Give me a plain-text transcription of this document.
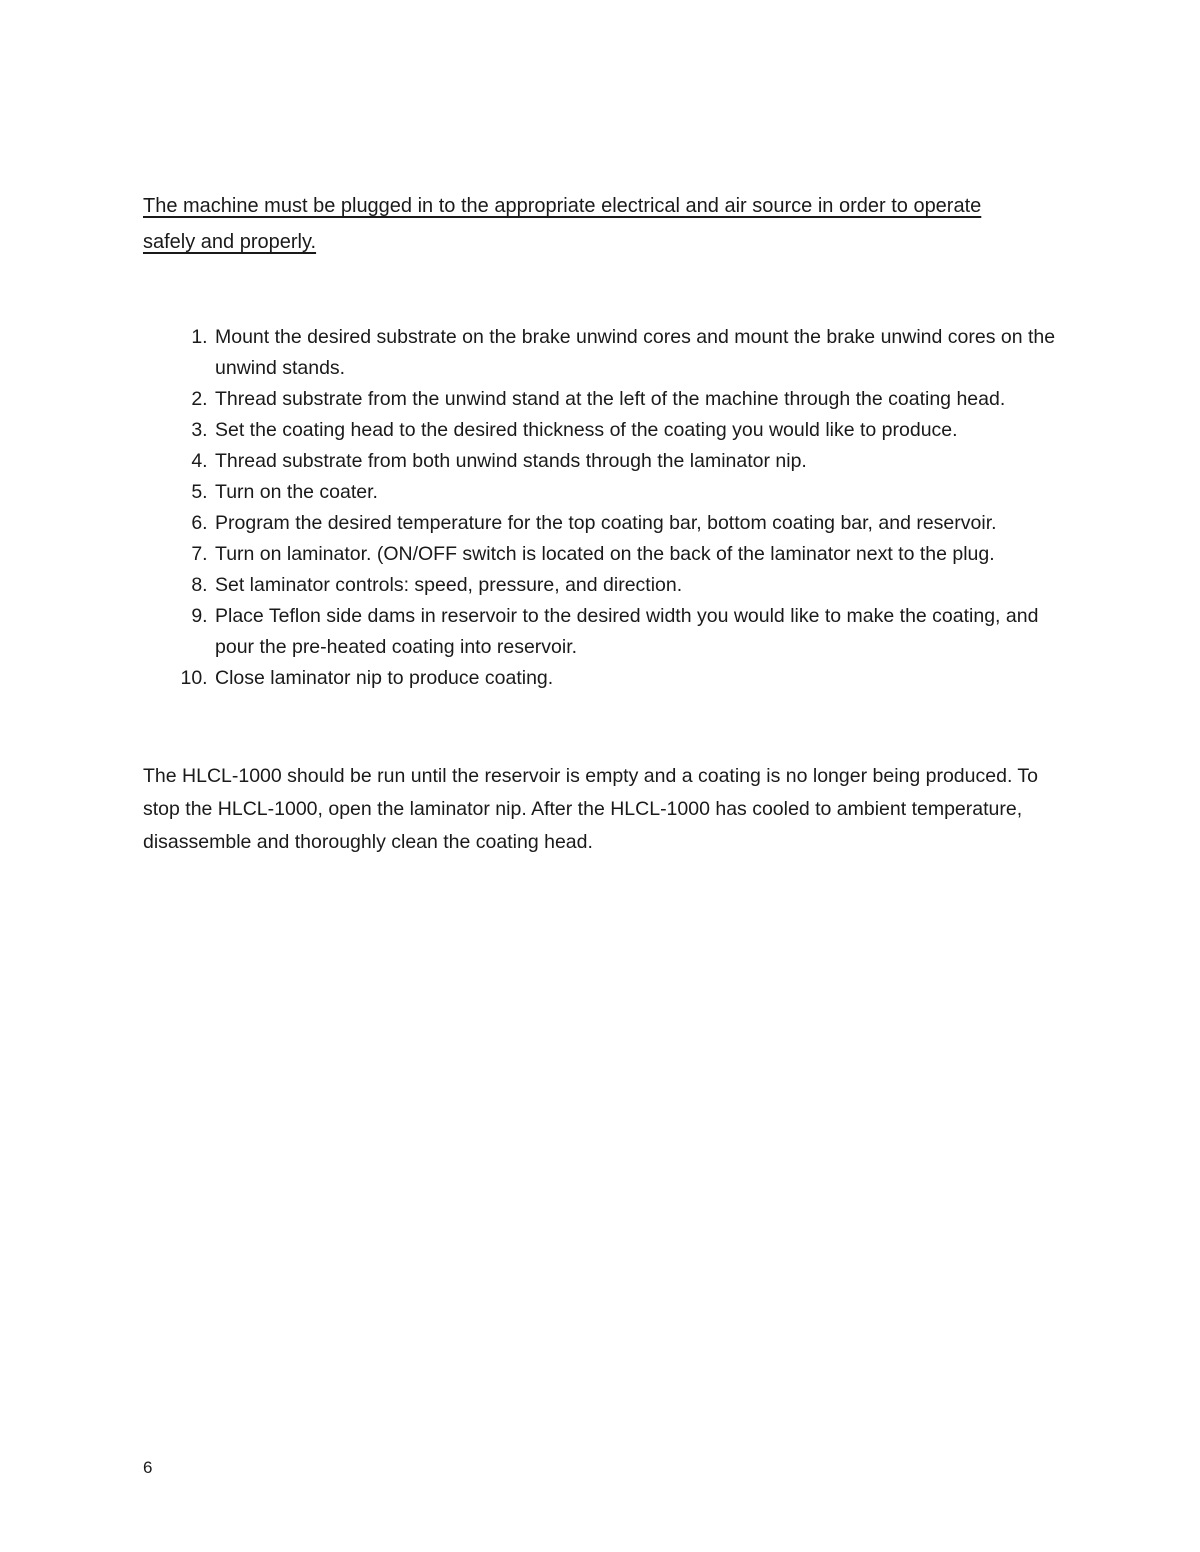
The machine must be plugged in to the appropriate electrical and air source in order to operate safely and properly.

1. Mount the desired substrate on the brake unwind cores and mount the brake unwind cores on the unwind stands.
2. Thread substrate from the unwind stand at the left of the machine through the coating head.
3. Set the coating head to the desired thickness of the coating you would like to produce.
4. Thread substrate from both unwind stands through the laminator nip.
5. Turn on the coater.
6. Program the desired temperature for the top coating bar, bottom coating bar, and reservoir.
7. Turn on laminator. (ON/OFF switch is located on the back of the laminator next to the plug.
8. Set laminator controls: speed, pressure, and direction.
9. Place Teflon side dams in reservoir to the desired width you would like to make the coating, and pour the pre-heated coating into reservoir.
10. Close laminator nip to produce coating.

The HLCL-1000 should be run until the reservoir is empty and a coating is no longer being produced. To stop the HLCL-1000, open the laminator nip. After the HLCL-1000 has cooled to ambient temperature, disassemble and thoroughly clean the coating head.

6
